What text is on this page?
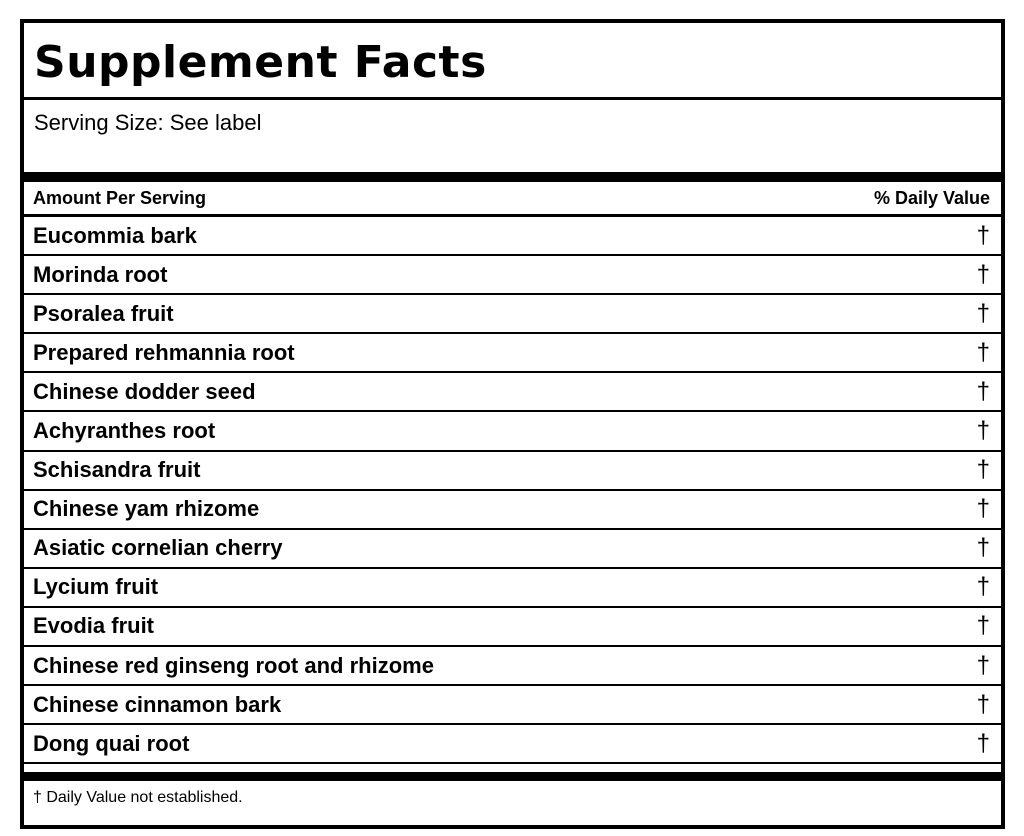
Supplement Facts
Serving Size: See label
Amount Per Serving	% Daily Value
Eucommia bark	†
Morinda root	†
Psoralea fruit	†
Prepared rehmannia root	†
Chinese dodder seed	†
Achyranthes root	†
Schisandra fruit	†
Chinese yam rhizome	†
Asiatic cornelian cherry	†
Lycium fruit	†
Evodia fruit	†
Chinese red ginseng root and rhizome	†
Chinese cinnamon bark	†
Dong quai root	†
† Daily Value not established.
